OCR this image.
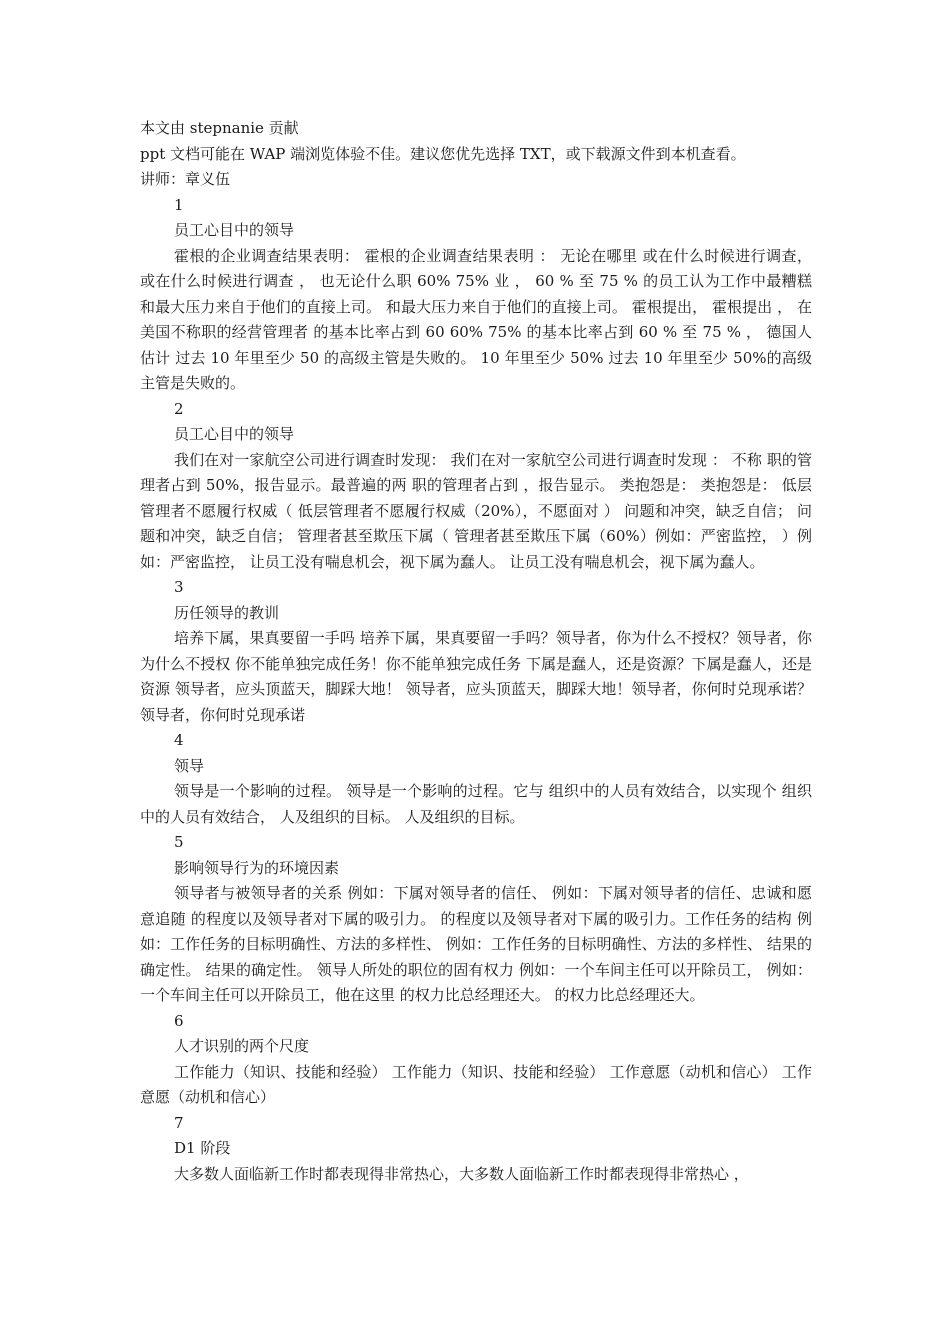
本文由 stepnanie 贡献
ppt 文档可能在 WAP 端浏览体验不佳。建议您优先选择 TXT，或下载源文件到本机查看。
讲师：章义伍
1
员工心目中的领导
霍根的企业调查结果表明： 霍根的企业调查结果表明 ： 无论在哪里 或在什么时候进行调查， 或在什么时候进行调查 ， 也无论什么职 60% 75% 业 ， 60 % 至 75 % 的员工认为工作中最糟糕 和最大压力来自于他们的直接上司。 和最大压力来自于他们的直接上司。 霍根提出， 霍根提出 ， 在美国不称职的经营管理者 的基本比率占到 60 60% 75% 的基本比率占到 60 % 至 75 % ， 德国人估计 过去 10 年里至少 50 的高级主管是失败的。 10 年里至少 50% 过去 10 年里至少 50%的高级主管是失败的。
2
员工心目中的领导
我们在对一家航空公司进行调查时发现： 我们在对一家航空公司进行调查时发现 ： 不称 职的管理者占到 50%，报告显示。最普遍的两 职的管理者占到 ，报告显示。 类抱怨是： 类抱怨是： 低层管理者不愿履行权威（ 低层管理者不愿履行权威（20%），不愿面对 ） 问题和冲突，缺乏自信； 问题和冲突，缺乏自信； 管理者甚至欺压下属（ 管理者甚至欺压下属（60%）例如：严密监控， ）例如：严密监控， 让员工没有喘息机会，视下属为蠢人。 让员工没有喘息机会，视下属为蠢人。
3
历任领导的教训
培养下属，果真要留一手吗 培养下属，果真要留一手吗？领导者，你为什么不授权？领导者，你为什么不授权 你不能单独完成任务！你不能单独完成任务 下属是蠢人，还是资源？下属是蠢人，还是资源 领导者，应头顶蓝天，脚踩大地！ 领导者，应头顶蓝天，脚踩大地！领导者，你何时兑现承诺？领导者，你何时兑现承诺
4
领导
领导是一个影响的过程。 领导是一个影响的过程。它与 组织中的人员有效结合，以实现个 组织中的人员有效结合， 人及组织的目标。 人及组织的目标。
5
影响领导行为的环境因素
领导者与被领导者的关系 例如：下属对领导者的信任、 例如：下属对领导者的信任、忠诚和愿意追随 的程度以及领导者对下属的吸引力。 的程度以及领导者对下属的吸引力。工作任务的结构 例如：工作任务的目标明确性、方法的多样性、 例如：工作任务的目标明确性、方法的多样性、 结果的确定性。 结果的确定性。 领导人所处的职位的固有权力 例如：一个车间主任可以开除员工， 例如：一个车间主任可以开除员工，他在这里 的权力比总经理还大。 的权力比总经理还大。
6
人才识别的两个尺度
工作能力（知识、技能和经验） 工作能力（知识、技能和经验） 工作意愿（动机和信心） 工作意愿（动机和信心）
7
D1 阶段
大多数人面临新工作时都表现得非常热心，大多数人面临新工作时都表现得非常热心 ，
